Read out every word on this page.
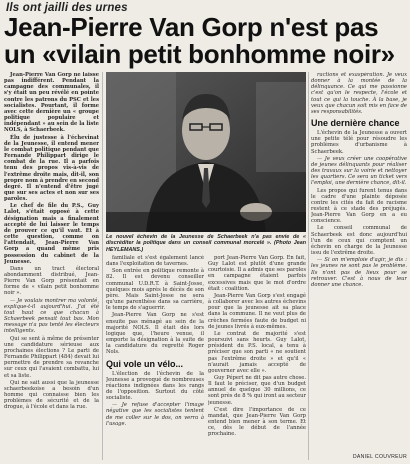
Ils ont jailli des urnes
Jean-Pierre Van Gorp n'est pas un «vilain petit bonhomme noir»

Jean-Pierre Van Gorp ne laisse pas indifférent. Pendant la campagne des communales, il s'y était un peu révélé en pointe contre les patrons du PSC et les socialistes. Pourtant, il forme avec cette dernière un « groupe politique populaire et indépendant » au sein de la liste NOLS, à Schaerbeek.

Élu de justesse à l'échevinat de la Jeunesse, il entend mener le combat politique pendant que Fernande Philippart dirige le combat de la rue. Il a parfois tenu des propos vis-à-vis de l'extrême droite mais, dit-il, son propre nom à prendre en second degré. Il n'entend d'être jugé que sur ses actes et non sur ses paroles.

Le chef de file du P.S., Guy Lalot, s'était opposé à cette désignation mais a finalement accepté de lui laisser le temps de prouver ce qu'il vaut. Et à cette question, comme on l'attendait, Jean-Pierre Van Gorp a quand même pris possession du cabinet de la Jeunesse.

Dans un tract électoral abondamment distribué, Jean-Pierre Van Gorp présentait en forme de « vilain petit bonhomme noir ».

— Je voulais montrer ma volonté, explique-t-il aujourd'hui. J'ai été tout haut ce que chacun à Schaerbeek pensait tout bas. Mon message n'a pas tenté les électeurs intelligents.

Qui se sent à même de présenter une candidature sérieuse aux prochaines élections ? Le parti de Fernande Philippart (484) devait lui permettre de prendre sa revanche sur ceux qui l'avaient combattu, lui et sa liste.

Qui ne sait aussi que la jeunesse schaerbeekoise a besoin d'un homme qui connaisse bien les problèmes de sécurité et de la drogue, à l'école et dans la rue.

Le nouvel échevin de la Jeunesse de Schaerbeek n'a pas envie de « discréditer la politique dans un conseil communal morcelé ». (Photo Jean HEYLEMANS.)

familiale et s'est également lancé dans l'exploitation de tavernes.

Son entrée en politique remonte à 82. Il est devenu conseiller communal U.D.R.T. à Saint-Josse, quelques mois après le décès de son père. Mais Saint-Josse ne sera qu'une parenthèse dans sa carrière, le temps de s'aguerrir.

Jean-Pierre Van Gorp ne s'est ensuite pas ménagé au sein de la majorité NOLS. Il était dès lors logique que, l'heure venue, il emporte la désignation à la suite de la candidature du regretté Roger Nols.

Qui vole un vélo...

L'élection de l'échevin de la Jeunesse a provoqué de nombreuses réactions indignées dans les rangs de l'opposition. Surtout du côté socialiste.

— Je refuse d'accepter l'image négative que les socialistes tentent de me coller sur le dos, on verra à l'usage.

port Jean-Pierre Van Gorp. En fait, Guy Lalot est plutôt d'une grande courtoisie. Il a admis que ses paroles en campagne étaient parfois excessives mais que le mot d'ordre était : coalition.

Jean-Pierre Van Gorp s'est engagé à collaborer avec les autres échevins pour que la jeunesse ait sa place dans la commune. Il ne veut plus de crèches fermées faute de budget ni de jeunes livrés à eux-mêmes.

Le contrat de majorité s'est poursuivi sans heurts. Guy Lalot, président du P.S. local, a tenu à préciser que son parti « ne soutient pas l'extrême droite » et qu'il « n'aurait jamais accepté de gouverner avec elle ».

Guy Pépert ne dit pas autre chose. Il faut le préciser, que d'un budget annuel de quelque 30 millions, ce sont près de 8 % qui iront au secteur jeunesse.

C'est dire l'importance de ce mandat, que Jean-Pierre Van Gorp entend bien mener à son terme. Et ce, dès le début de l'année prochaine.

ractions et exaspération. Je veux donner à la montée de la délinquance. Ce qui me passionne c'est qu'on le respecte, l'école et tout ce qui la touche. À la base, je veux que chacun soit mis en face de ses responsabilités.

Une dernière chance

L'échevin de la Jeunesse a ouvert une petite télé pour résoudre les problèmes d'urbanisme à Schaerbeek.

— Je veux créer une coopérative de jeunes délinquants pour réaliser des travaux sur la voirie et nettoyer les quartiers. Ce sera un ticket vers l'emploi, une dernière chance, dit-il.

Les propos qui furent tenus dans le cadre d'une plainte déposée contre les cités du fait de racisme restent à ce stade des préjugés. Jean-Pierre Van Gorp en a eu conscience.

Le conseil communal de Schaerbeek est donc aujourd'hui l'un de ceux qui comptent un échevin en charge de la Jeunesse issu de l'extrême droite.

— Si on m'emploie d'agir, je dis : les jeunes ne sont pas le problème. Ils n'ont pas de lieux pour se retrouver. C'est à nous de leur donner une chance.

DANIEL COUVREUR
